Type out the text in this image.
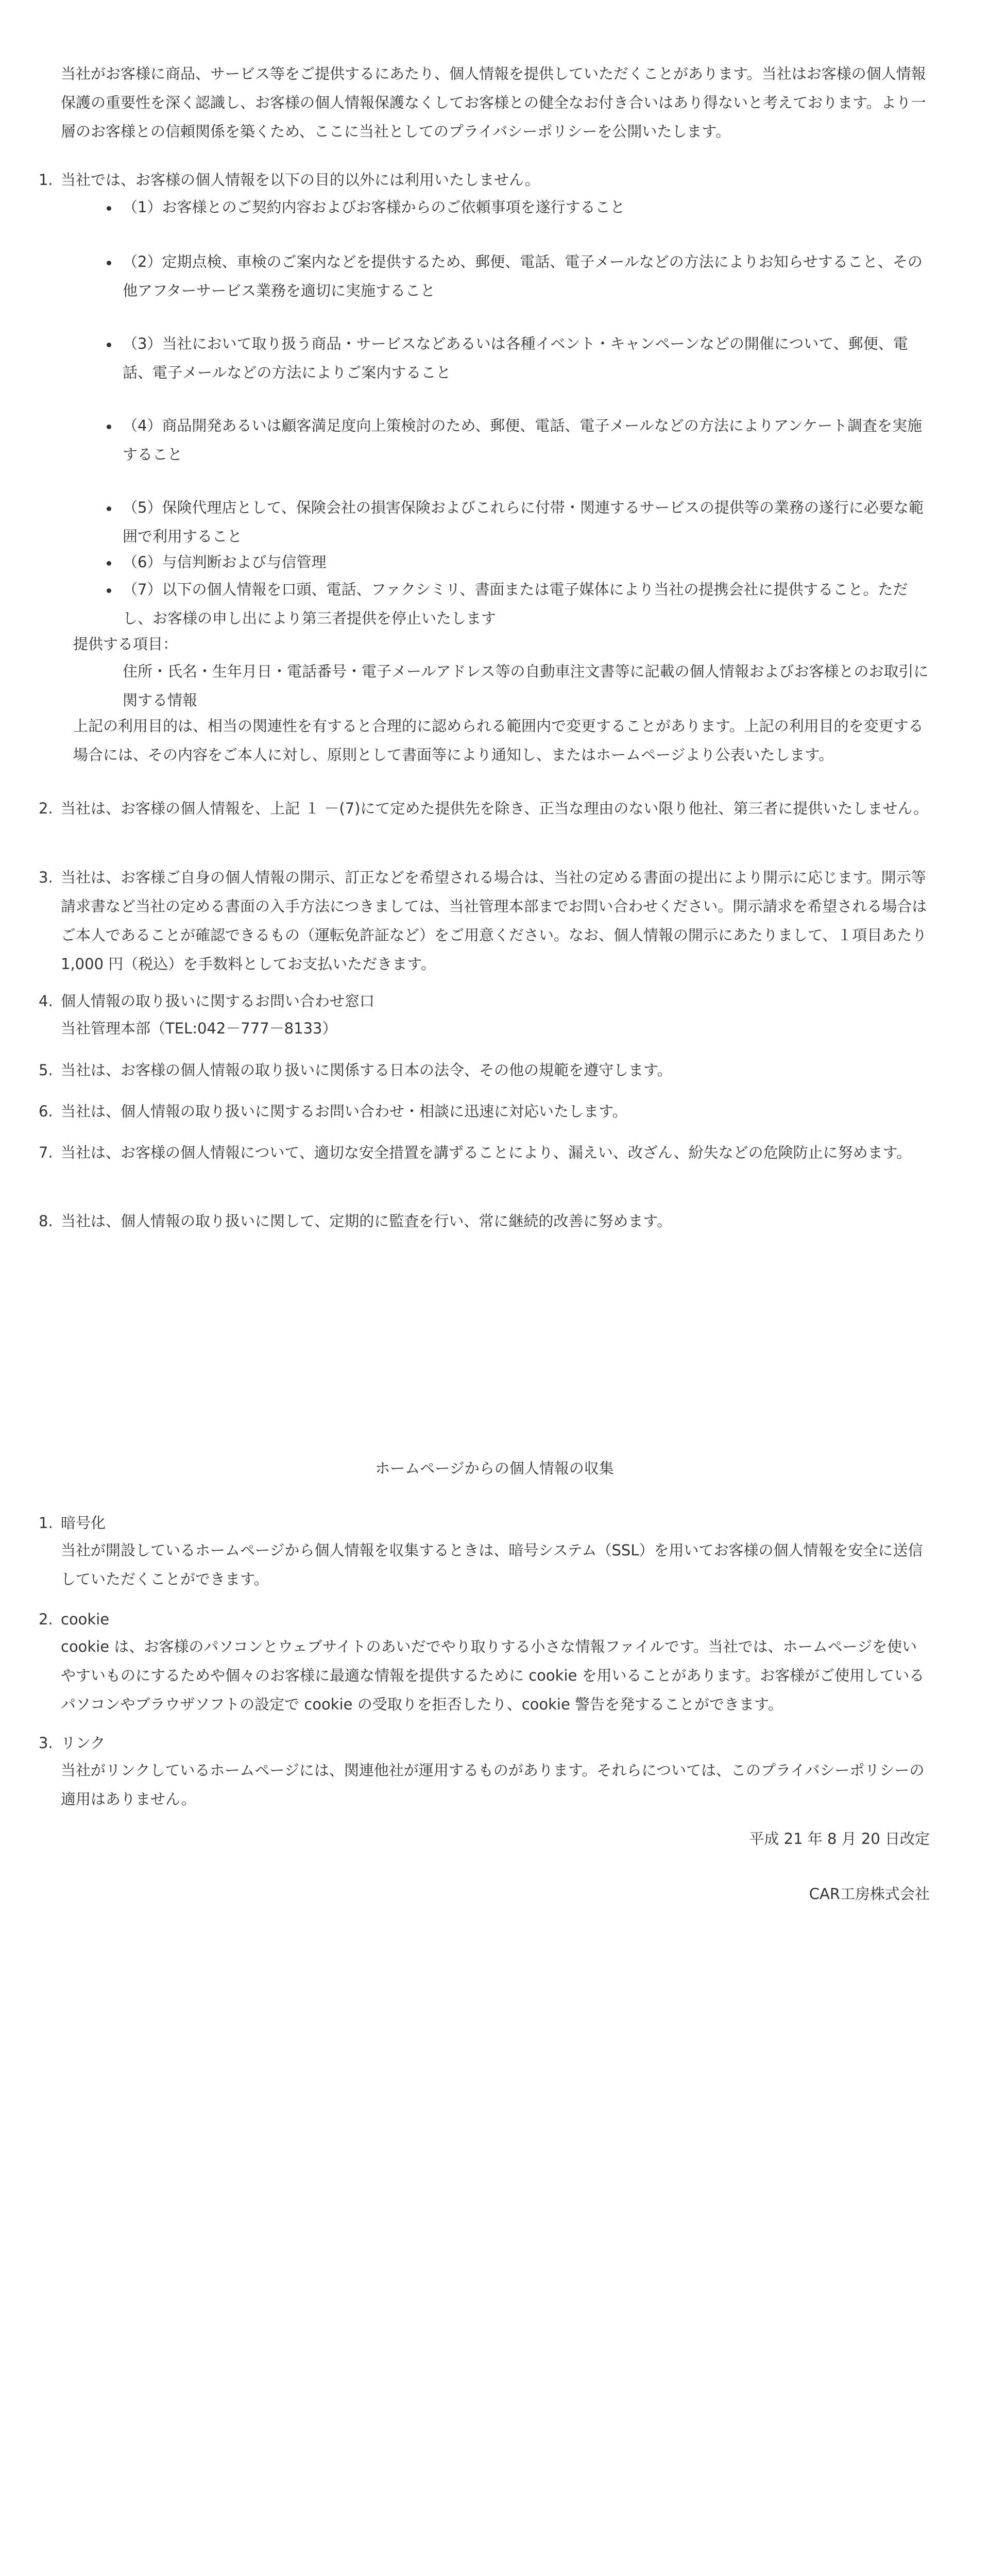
当社がお客様に商品、サービス等をご提供するにあたり、個人情報を提供していただくことがあります。当社はお客様の個人情報保護の重要性を深く認識し、お客様の個人情報保護なくしてお客様との健全なお付き合いはあり得ないと考えております。より一層のお客様との信頼関係を築くため、ここに当社としてのプライバシーポリシーを公開いたします。

1. 当社では、お客様の個人情報を以下の目的以外には利用いたしません。

（1）お客様とのご契約内容およびお客様からのご依頼事項を遂行すること

（2）定期点検、車検のご案内などを提供するため、郵便、電話、電子メールなどの方法によりお知らせすること、その他アフターサービス業務を適切に実施すること

（3）当社において取り扱う商品・サービスなどあるいは各種イベント・キャンペーンなどの開催について、郵便、電話、電子メールなどの方法によりご案内すること

（4）商品開発あるいは顧客満足度向上策検討のため、郵便、電話、電子メールなどの方法によりアンケート調査を実施すること

（5）保険代理店として、保険会社の損害保険およびこれらに付帯・関連するサービスの提供等の業務の遂行に必要な範囲で利用すること

（6）与信判断および与信管理

（7）以下の個人情報を口頭、電話、ファクシミリ、書面または電子媒体により当社の提携会社に提供すること。ただし、お客様の申し出により第三者提供を停止いたします

提供する項目：

住所・氏名・生年月日・電話番号・電子メールアドレス等の自動車注文書等に記載の個人情報およびお客様とのお取引に関する情報

上記の利用目的は、相当の関連性を有すると合理的に認められる範囲内で変更することがあります。上記の利用目的を変更する場合には、その内容をご本人に対し、原則として書面等により通知し、またはホームページより公表いたします。

2. 当社は、お客様の個人情報を、上記 １ －(7)にて定めた提供先を除き、正当な理由のない限り他社、第三者に提供いたしません。

3. 当社は、お客様ご自身の個人情報の開示、訂正などを希望される場合は、当社の定める書面の提出により開示に応じます。開示等請求書など当社の定める書面の入手方法につきましては、当社管理本部までお問い合わせください。開示請求を希望される場合はご本人であることが確認できるもの（運転免許証など）をご用意ください。なお、個人情報の開示にあたりまして、１項目あたり 1,000 円（税込）を手数料としてお支払いただきます。

4. 個人情報の取り扱いに関するお問い合わせ窓口

当社管理本部（TEL:042－777－8133）

5. 当社は、お客様の個人情報の取り扱いに関係する日本の法令、その他の規範を遵守します。

6. 当社は、個人情報の取り扱いに関するお問い合わせ・相談に迅速に対応いたします。

7. 当社は、お客様の個人情報について、適切な安全措置を講ずることにより、漏えい、改ざん、紛失などの危険防止に努めます。

8. 当社は、個人情報の取り扱いに関して、定期的に監査を行い、常に継続的改善に努めます。

ホームページからの個人情報の収集

1. 暗号化

当社が開設しているホームページから個人情報を収集するときは、暗号システム（SSL）を用いてお客様の個人情報を安全に送信していただくことができます。

2. cookie

cookie は、お客様のパソコンとウェブサイトのあいだでやり取りする小さな情報ファイルです。当社では、ホームページを使いやすいものにするためや個々のお客様に最適な情報を提供するために cookie を用いることがあります。お客様がご使用しているパソコンやブラウザソフトの設定で cookie の受取りを拒否したり、cookie 警告を発することができます。

3. リンク

当社がリンクしているホームページには、関連他社が運用するものがあります。それらについては、このプライバシーポリシーの適用はありません。

平成 21 年 8 月 20 日改定

CAR工房株式会社
